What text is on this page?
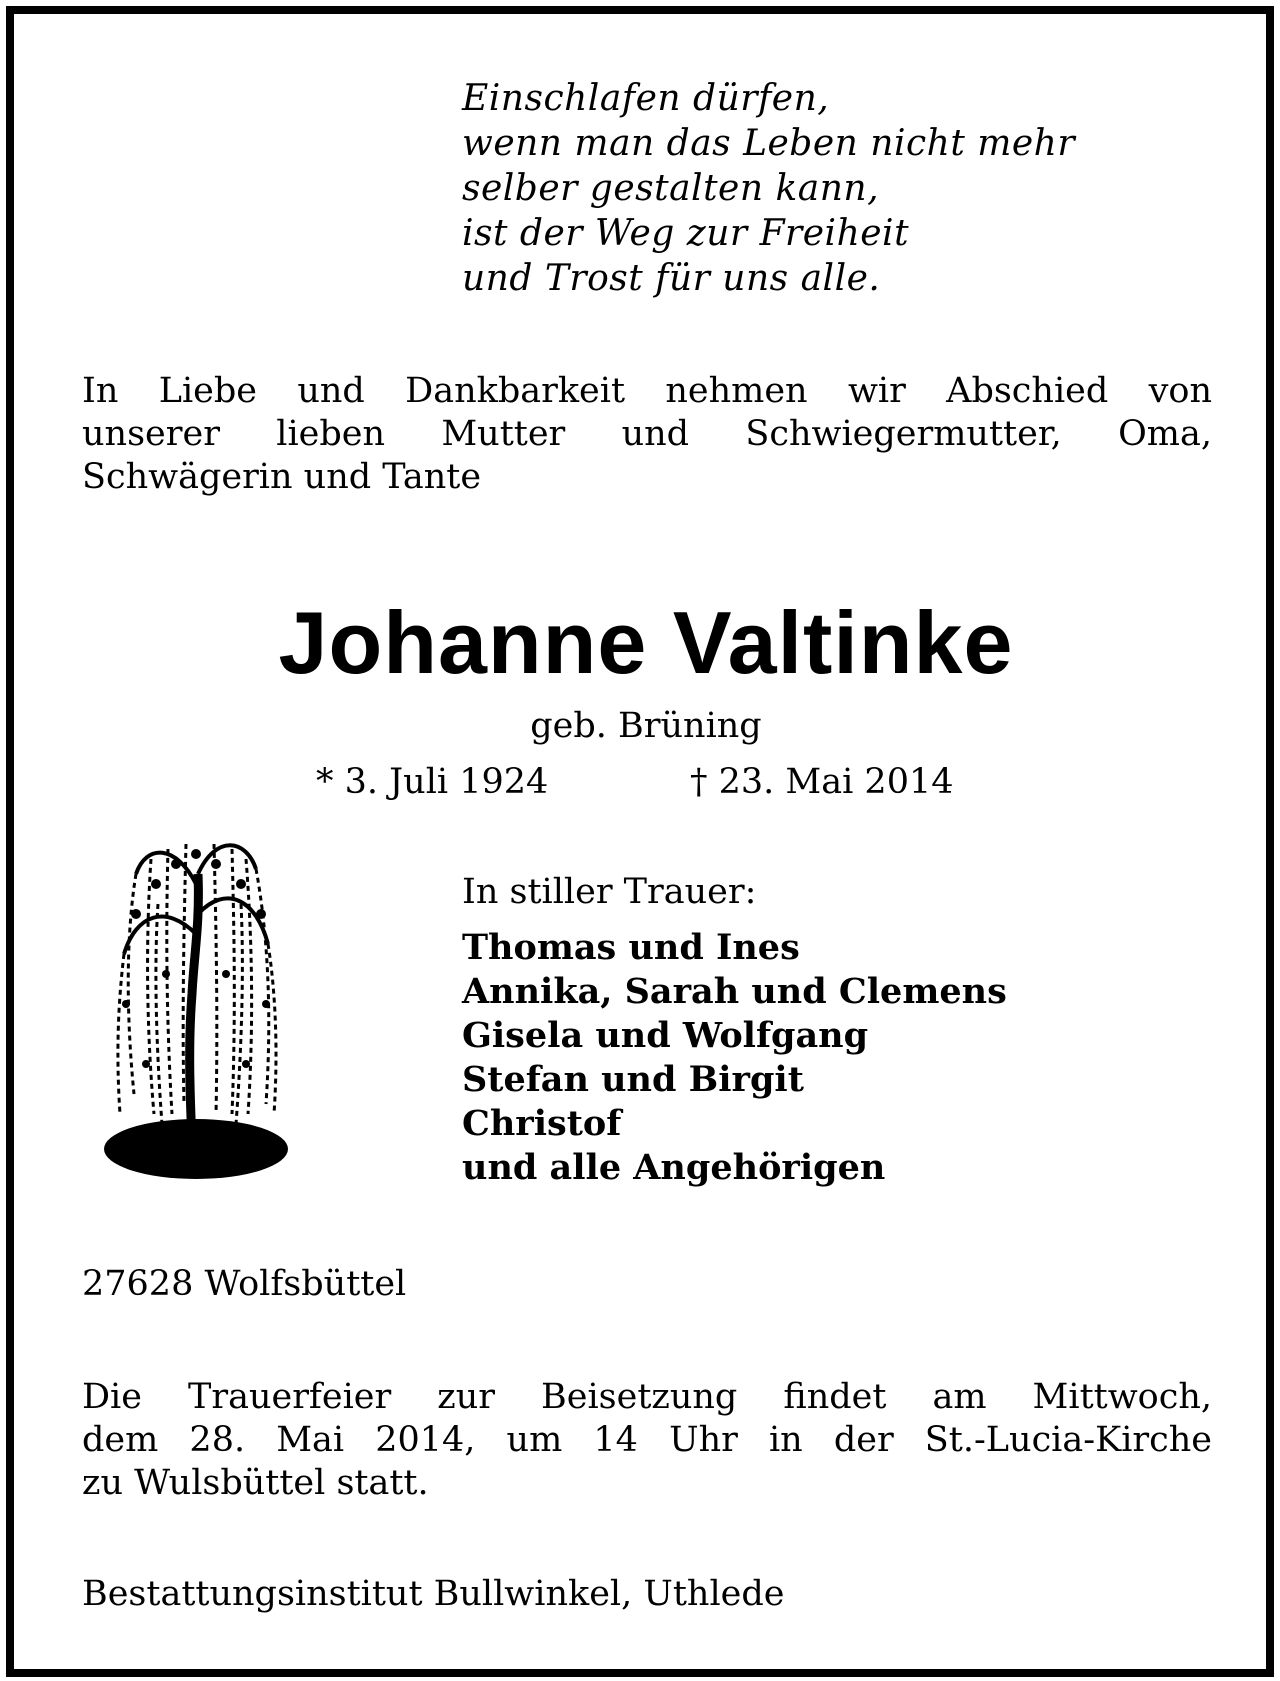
Einschlafen dürfen,
wenn man das Leben nicht mehr
selber gestalten kann,
ist der Weg zur Freiheit
und Trost für uns alle.
In Liebe und Dankbarkeit nehmen wir Abschied von
unserer lieben Mutter und Schwiegermutter, Oma,
Schwägerin und Tante
Johanne Valtinke
geb. Brüning
* 3. Juli 1924	† 23. Mai 2014
In stiller Trauer:
Thomas und Ines
Annika, Sarah und Clemens
Gisela und Wolfgang
Stefan und Birgit
Christof
und alle Angehörigen
27628 Wolfsbüttel
Die Trauerfeier zur Beisetzung findet am Mittwoch,
dem 28. Mai 2014, um 14 Uhr in der St.-Lucia-Kirche
zu Wulsbüttel statt.
Bestattungsinstitut Bullwinkel, Uthlede
